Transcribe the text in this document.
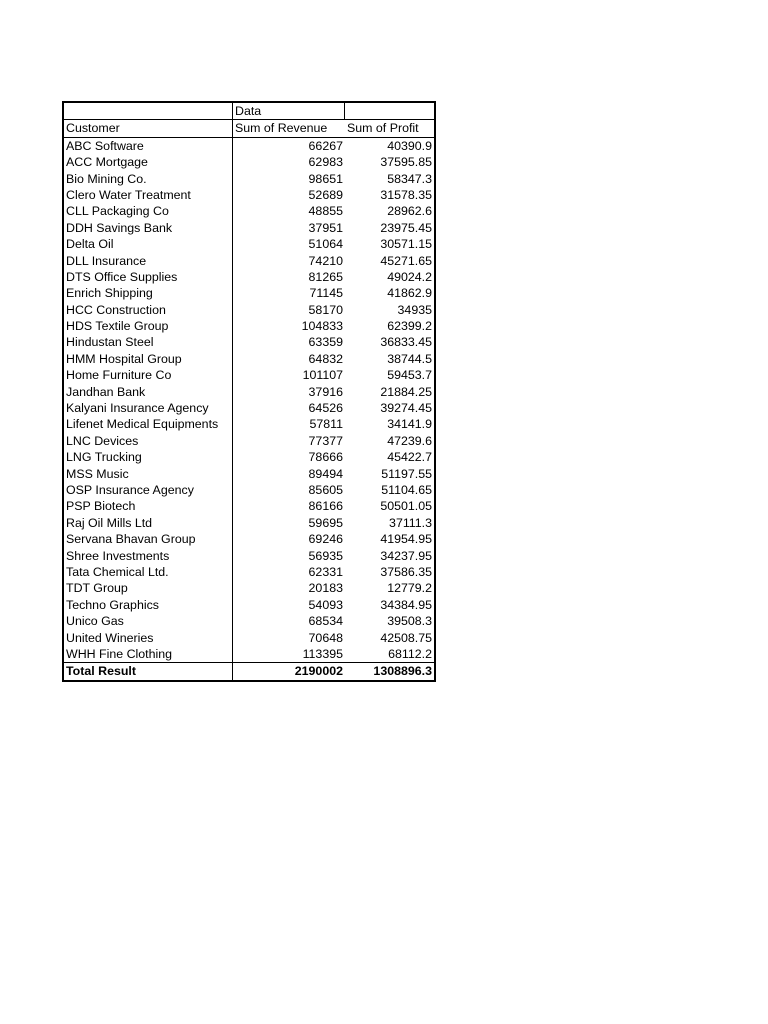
Data
Customer	Sum of Revenue	Sum of Profit
ABC Software	66267	40390.9
ACC Mortgage	62983	37595.85
Bio Mining Co.	98651	58347.3
Clero Water Treatment	52689	31578.35
CLL Packaging Co	48855	28962.6
DDH Savings Bank	37951	23975.45
Delta Oil	51064	30571.15
DLL Insurance	74210	45271.65
DTS Office Supplies	81265	49024.2
Enrich Shipping	71145	41862.9
HCC Construction	58170	34935
HDS Textile Group	104833	62399.2
Hindustan Steel	63359	36833.45
HMM Hospital Group	64832	38744.5
Home Furniture Co	101107	59453.7
Jandhan Bank	37916	21884.25
Kalyani Insurance Agency	64526	39274.45
Lifenet Medical Equipments	57811	34141.9
LNC Devices	77377	47239.6
LNG Trucking	78666	45422.7
MSS Music	89494	51197.55
OSP Insurance Agency	85605	51104.65
PSP Biotech	86166	50501.05
Raj Oil Mills Ltd	59695	37111.3
Servana Bhavan Group	69246	41954.95
Shree Investments	56935	34237.95
Tata Chemical Ltd.	62331	37586.35
TDT Group	20183	12779.2
Techno Graphics	54093	34384.95
Unico Gas	68534	39508.3
United Wineries	70648	42508.75
WHH Fine Clothing	113395	68112.2
Total Result	2190002	1308896.3
